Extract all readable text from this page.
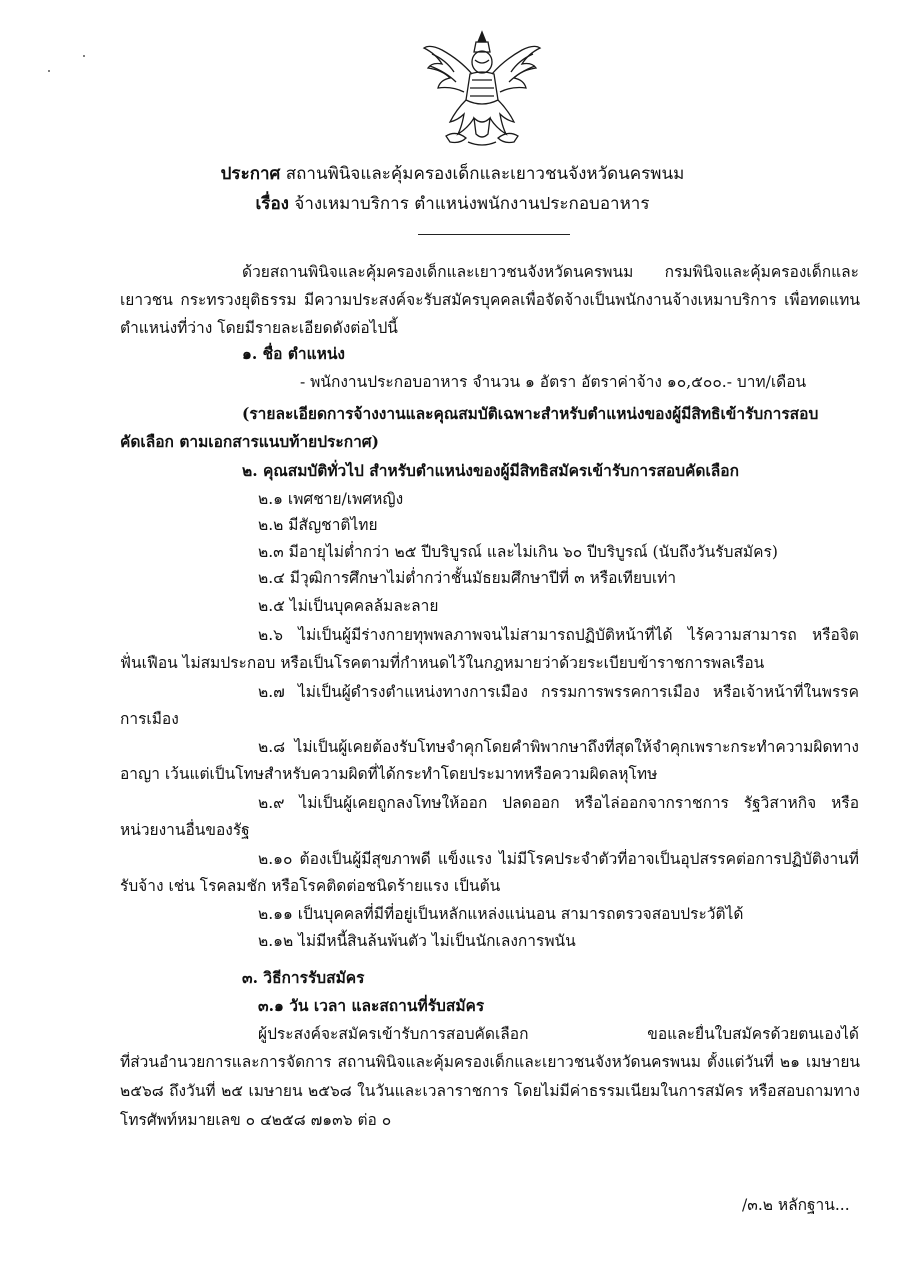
ประกาศ สถานพินิจและคุ้มครองเด็กและเยาวชนจังหวัดนครพนม
เรื่อง จ้างเหมาบริการ ตำแหน่งพนักงานประกอบอาหาร
ด้วยสถานพินิจและคุ้มครองเด็กและเยาวชนจังหวัดนครพนม กรมพินิจและคุ้มครองเด็กและ
เยาวชน กระทรวงยุติธรรม มีความประสงค์จะรับสมัครบุคคลเพื่อจัดจ้างเป็นพนักงานจ้างเหมาบริการ เพื่อทดแทน
ตำแหน่งที่ว่าง โดยมีรายละเอียดดังต่อไปนี้
๑. ชื่อ ตำแหน่ง
- พนักงานประกอบอาหาร จำนวน ๑ อัตรา อัตราค่าจ้าง ๑๐,๕๐๐.- บาท/เดือน
(รายละเอียดการจ้างงานและคุณสมบัติเฉพาะสำหรับตำแหน่งของผู้มีสิทธิเข้ารับการสอบ
คัดเลือก ตามเอกสารแนบท้ายประกาศ)
๒. คุณสมบัติทั่วไป สำหรับตำแหน่งของผู้มีสิทธิสมัครเข้ารับการสอบคัดเลือก
๒.๑ เพศชาย/เพศหญิง
๒.๒ มีสัญชาติไทย
๒.๓ มีอายุไม่ต่ำกว่า ๒๕ ปีบริบูรณ์ และไม่เกิน ๖๐ ปีบริบูรณ์ (นับถึงวันรับสมัคร)
๒.๔ มีวุฒิการศึกษาไม่ต่ำกว่าชั้นมัธยมศึกษาปีที่ ๓ หรือเทียบเท่า
๒.๕ ไม่เป็นบุคคลล้มละลาย
๒.๖ ไม่เป็นผู้มีร่างกายทุพพลภาพจนไม่สามารถปฏิบัติหน้าที่ได้ ไร้ความสามารถ หรือจิต
ฟั่นเฟือน ไม่สมประกอบ หรือเป็นโรคตามที่กำหนดไว้ในกฎหมายว่าด้วยระเบียบข้าราชการพลเรือน
๒.๗ ไม่เป็นผู้ดำรงตำแหน่งทางการเมือง กรรมการพรรคการเมือง หรือเจ้าหน้าที่ในพรรค
การเมือง
๒.๘ ไม่เป็นผู้เคยต้องรับโทษจำคุกโดยคำพิพากษาถึงที่สุดให้จำคุกเพราะกระทำความผิดทาง
อาญา เว้นแต่เป็นโทษสำหรับความผิดที่ได้กระทำโดยประมาทหรือความผิดลหุโทษ
๒.๙ ไม่เป็นผู้เคยถูกลงโทษให้ออก ปลดออก หรือไล่ออกจากราชการ รัฐวิสาหกิจ หรือ
หน่วยงานอื่นของรัฐ
๒.๑๐ ต้องเป็นผู้มีสุขภาพดี แข็งแรง ไม่มีโรคประจำตัวที่อาจเป็นอุปสรรคต่อการปฏิบัติงานที่
รับจ้าง เช่น โรคลมชัก หรือโรคติดต่อชนิดร้ายแรง เป็นต้น
๒.๑๑ เป็นบุคคลที่มีที่อยู่เป็นหลักแหล่งแน่นอน สามารถตรวจสอบประวัติได้
๒.๑๒ ไม่มีหนี้สินล้นพ้นตัว ไม่เป็นนักเลงการพนัน
๓. วิธีการรับสมัคร
๓.๑ วัน เวลา และสถานที่รับสมัคร
ผู้ประสงค์จะสมัครเข้ารับการสอบคัดเลือก ขอและยื่นใบสมัครด้วยตนเองได้
ที่ส่วนอำนวยการและการจัดการ สถานพินิจและคุ้มครองเด็กและเยาวชนจังหวัดนครพนม ตั้งแต่วันที่ ๒๑ เมษายน
๒๕๖๘ ถึงวันที่ ๒๕ เมษายน ๒๕๖๘ ในวันและเวลาราชการ โดยไม่มีค่าธรรมเนียมในการสมัคร หรือสอบถามทาง
โทรศัพท์หมายเลข ๐ ๔๒๕๘ ๗๑๓๖ ต่อ ๐
/๓.๒ หลักฐาน...
